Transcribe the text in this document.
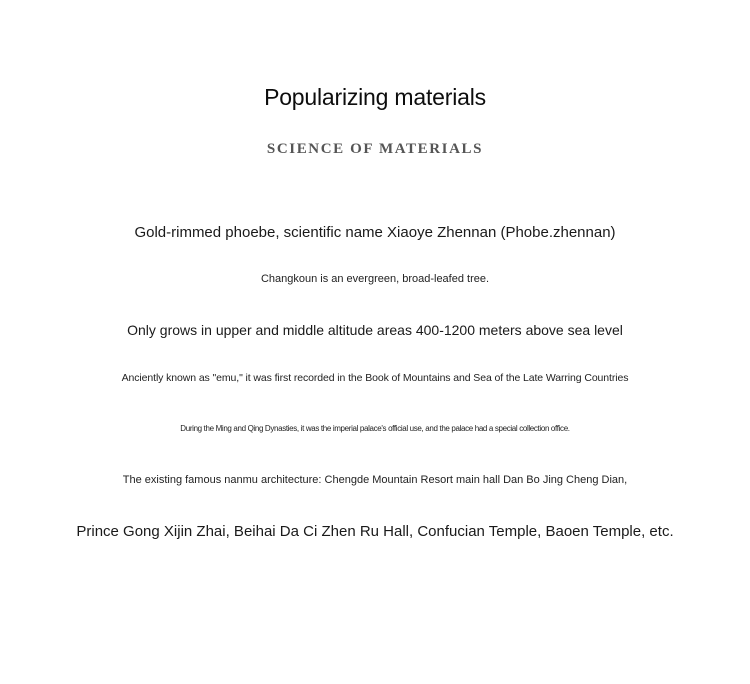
Popularizing materials
SCIENCE OF MATERIALS
Gold-rimmed phoebe, scientific name Xiaoye Zhennan (Phobe.zhennan)
Changkoun is an evergreen, broad-leafed tree.
Only grows in upper and middle altitude areas 400-1200 meters above sea level
Anciently known as "emu," it was first recorded in the Book of Mountains and Sea of the Late Warring Countries
During the Ming and Qing Dynasties, it was the imperial palace's official use, and the palace had a special collection office.
The existing famous nanmu architecture: Chengde Mountain Resort main hall Dan Bo Jing Cheng Dian,
Prince Gong Xijin Zhai, Beihai Da Ci Zhen Ru Hall, Confucian Temple, Baoen Temple, etc.
